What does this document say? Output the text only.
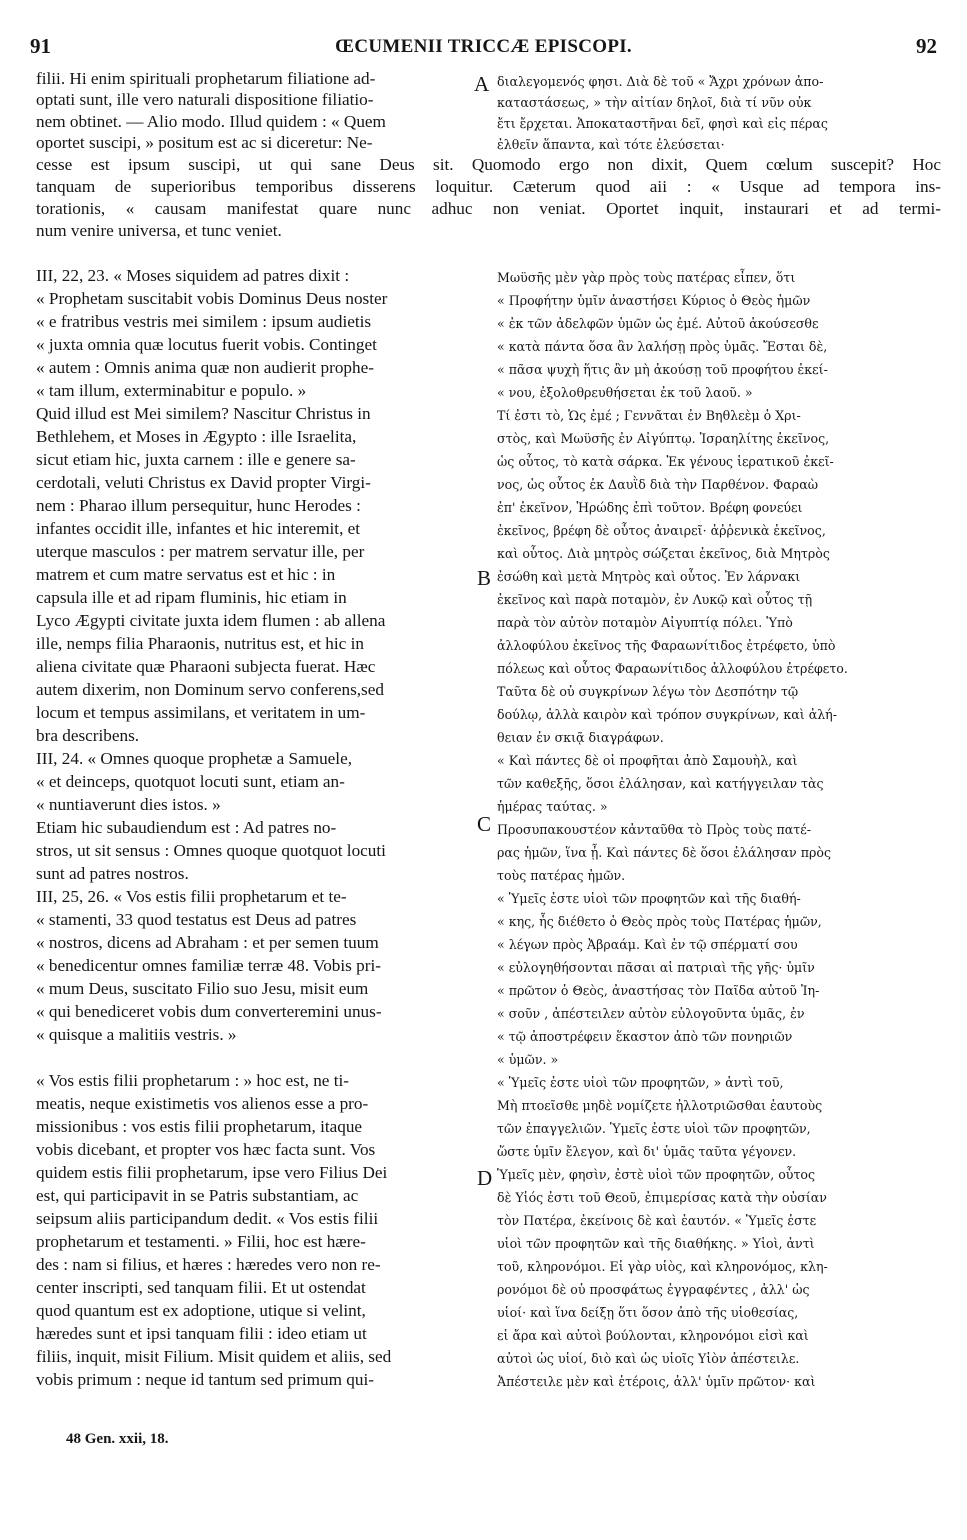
91	ŒCUMENII TRICCÆ EPISCOPI.	92
filii. Hi enim spirituali prophetarum filiatione ad-
optati sunt, ille vero naturali dispositione filiatio-
nem obtinet. — Alio modo. Illud quidem : « Quem
oportet suscipi, » positum est ac si diceretur: Ne-
διαλεγομενός φησι. Διὰ δὲ τοῦ « Ἄχρι χρόνων ἀπο-
καταστάσεως, » τὴν αἰτίαν δηλοῖ, διὰ τί νῦν οὐκ
ἔτι ἔρχεται. Ἀποκαταστῆναι δεῖ, φησὶ καὶ εἰς πέρας
ἐλθεῖν ἅπαντα, καὶ τότε ἐλεύσεται·
cesse est ipsum suscipi, ut qui sane Deus sit. Quomodo ergo non dixit, Quem cœlum suscepit? Hoc
tanquam de superioribus temporibus disserens loquitur. Cæterum quod aii : « Usque ad tempora ins-
torationis, « causam manifestat quare nunc adhuc non veniat. Oportet inquit, instaurari et ad termi-
num venire universa, et tunc veniet.
III, 22, 23. « Moses siquidem ad patres dixit :
« Prophetam suscitabit vobis Dominus Deus noster
« e fratribus vestris mei similem : ipsum audietis
« juxta omnia quæ locutus fuerit vobis. Continget
« autem : Omnis anima quæ non audierit prophe-
« tam illum, exterminabitur e populo. »
Quid illud est Mei similem? Nascitur Christus in
Bethlehem, et Moses in Ægypto : ille Israelita,
sicut etiam hic, juxta carnem : ille e genere sa-
cerdotali, veluti Christus ex David propter Virgi-
nem : Pharao illum persequitur, hunc Herodes :
infantes occidit ille, infantes et hic interemit, et
uterque masculos : per matrem servatur ille, per
matrem et cum matre servatus est et hic : in
capsula ille et ad ripam fluminis, hic etiam in
Lyco Ægypti civitate juxta idem flumen : ab allena
ille, nemps filia Pharaonis, nutritus est, et hic in
aliena civitate quæ Pharaoni subjecta fuerat. Hæc
autem dixerim, non Dominum servo conferens,sed
locum et tempus assimilans, et veritatem in um-
bra describens.
III, 24. « Omnes quoque prophetæ a Samuele,
« et deinceps, quotquot locuti sunt, etiam an-
« nuntiaverunt dies istos. »
Etiam hic subaudiendum est : Ad patres no-
stros, ut sit sensus : Omnes quoque quotquot locuti
sunt ad patres nostros.
III, 25, 26. « Vos estis filii prophetarum et te-
« stamenti, 33 quod testatus est Deus ad patres
« nostros, dicens ad Abraham : et per semen tuum
« benedicentur omnes familiæ terræ 48. Vobis pri-
« mum Deus, suscitato Filio suo Jesu, misit eum
« qui benediceret vobis dum converteremini unus-
« quisque a malitiis vestris. »
« Vos estis filii prophetarum : » hoc est, ne ti-
meatis, neque existimetis vos alienos esse a pro-
missionibus : vos estis filii prophetarum, itaque
vobis dicebant, et propter vos hæc facta sunt. Vos
quidem estis filii prophetarum, ipse vero Filius Dei
est, qui participavit in se Patris substantiam, ac
seipsum aliis participandum dedit. « Vos estis filii
prophetarum et testamenti. » Filii, hoc est hære-
des : nam si filius, et hæres : hæredes vero non re-
center inscripti, sed tanquam filii. Et ut ostendat
quod quantum est ex adoptione, utique si velint,
hæredes sunt et ipsi tanquam filii : ideo etiam ut
filiis, inquit, misit Filium. Misit quidem et aliis, sed
vobis primum : neque id tantum sed primum qui-
Μωϋσῆς μὲν γὰρ πρὸς τοὺς πατέρας εἶπεν, ὅτι
« Προφήτην ὑμῖν ἀναστήσει Κύριος ὁ Θεὸς ἡμῶν
« ἐκ τῶν ἀδελφῶν ὑμῶν ὡς ἐμέ. Αὐτοῦ ἀκούσεσθε
« κατὰ πάντα ὅσα ἂν λαλήσῃ πρὸς ὑμᾶς. Ἔσται δὲ,
« πᾶσα ψυχὴ ἥτις ἂν μὴ ἀκούσῃ τοῦ προφήτου ἐκεί-
« νου, ἐξολοθρευθήσεται ἐκ τοῦ λαοῦ. »
Τί ἐστι τὸ, Ὡς ἐμέ ; Γεννᾶται ἐν Βηθλεὲμ ὁ Χρι-
στὸς, καὶ Μωϋσῆς ἐν Αἰγύπτῳ. Ἰσραηλίτης ἐκεῖνος,
ὡς οὗτος, τὸ κατὰ σάρκα. Ἐκ γένους ἱερατικοῦ ἐκεῖ-
νος, ὡς οὗτος ἐκ Δαυῒδ διὰ τὴν Παρθένον. Φαραὼ
ἐπ' ἐκεῖνον, Ἡρώδης ἐπὶ τοῦτον. Βρέφη φονεύει
ἐκεῖνος, βρέφη δὲ οὗτος ἀναιρεῖ· ἀῤῥενικὰ ἐκεῖνος,
καὶ οὗτος. Διὰ μητρὸς σώζεται ἐκεῖνος, διὰ Μητρὸς
ἐσώθη καὶ μετὰ Μητρὸς καὶ οὗτος. Ἐν λάρνακι
ἐκεῖνος καὶ παρὰ ποταμὸν, ἐν Λυκῷ καὶ οὗτος τῇ
παρὰ τὸν αὐτὸν ποταμὸν Αἰγυπτίᾳ πόλει. Ὑπὸ
ἀλλοφύλου ἐκεῖνος τῆς Φαραωνίτιδος ἐτρέφετο, ὑπὸ
πόλεως καὶ οὗτος Φαραωνίτιδος ἀλλοφύλου ἐτρέφετο.
Ταῦτα δὲ οὐ συγκρίνων λέγω τὸν Δεσπότην τῷ
δούλῳ, ἀλλὰ καιρὸν καὶ τρόπον συγκρίνων, καὶ ἀλή-
θειαν ἐν σκιᾷ διαγράφων.
« Καὶ πάντες δὲ οἱ προφῆται ἀπὸ Σαμουὴλ, καὶ
τῶν καθεξῆς, ὅσοι ἐλάλησαν, καὶ κατήγγειλαν τὰς
ἡμέρας ταύτας. »
Προσυπακουστέον κἀνταῦθα τὸ Πρὸς τοὺς πατέ-
ρας ἡμῶν, ἵνα ᾖ. Καὶ πάντες δὲ ὅσοι ἐλάλησαν πρὸς
τοὺς πατέρας ἡμῶν.
« Ὑμεῖς ἐστε υἱοὶ τῶν προφητῶν καὶ τῆς διαθή-
« κης, ἧς διέθετο ὁ Θεὸς πρὸς τοὺς Πατέρας ἡμῶν,
« λέγων πρὸς Ἀβραάμ. Καὶ ἐν τῷ σπέρματί σου
« εὐλογηθήσονται πᾶσαι αἱ πατριαὶ τῆς γῆς· ὑμῖν
« πρῶτον ὁ Θεὸς, ἀναστήσας τὸν Παῖδα αὐτοῦ Ἰη-
« σοῦν , ἀπέστειλεν αὐτὸν εὐλογοῦντα ὑμᾶς, ἐν
« τῷ ἀποστρέφειν ἕκαστον ἀπὸ τῶν πονηριῶν
« ὑμῶν. »
« Ὑμεῖς ἐστε υἱοὶ τῶν προφητῶν, » ἀντὶ τοῦ,
Μὴ πτοεῖσθε μηδὲ νομίζετε ἠλλοτριῶσθαι ἑαυτοὺς
τῶν ἐπαγγελιῶν. Ὑμεῖς ἐστε υἱοὶ τῶν προφητῶν,
ὥστε ὑμῖν ἔλεγον, καὶ δι' ὑμᾶς ταῦτα γέγονεν.
Ὑμεῖς μὲν, φησὶν, ἐστὲ υἱοὶ τῶν προφητῶν, οὗτος
δὲ Υἱός ἐστι τοῦ Θεοῦ, ἐπιμερίσας κατὰ τὴν οὐσίαν
τὸν Πατέρα, ἐκείνοις δὲ καὶ ἑαυτόν. « Ὑμεῖς ἐστε
υἱοὶ τῶν προφητῶν καὶ τῆς διαθήκης. » Υἱοὶ, ἀντὶ
τοῦ, κληρονόμοι. Εἰ γὰρ υἱὸς, καὶ κληρονόμος, κλη-
ρονόμοι δὲ οὐ προσφάτως ἐγγραφέντες , ἀλλ' ὡς
υἱοί· καὶ ἵνα δείξῃ ὅτι ὅσον ἀπὸ τῆς υἱοθεσίας,
εἰ ἄρα καὶ αὐτοὶ βούλονται, κληρονόμοι εἰσὶ καὶ
αὐτοὶ ὡς υἱοί, διὸ καὶ ὡς υἱοῖς Υἱὸν ἀπέστειλε.
Ἀπέστειλε μὲν καὶ ἑτέροις, ἀλλ' ὑμῖν πρῶτον· καὶ
A
B
C
D
48 Gen. xxii, 18.
